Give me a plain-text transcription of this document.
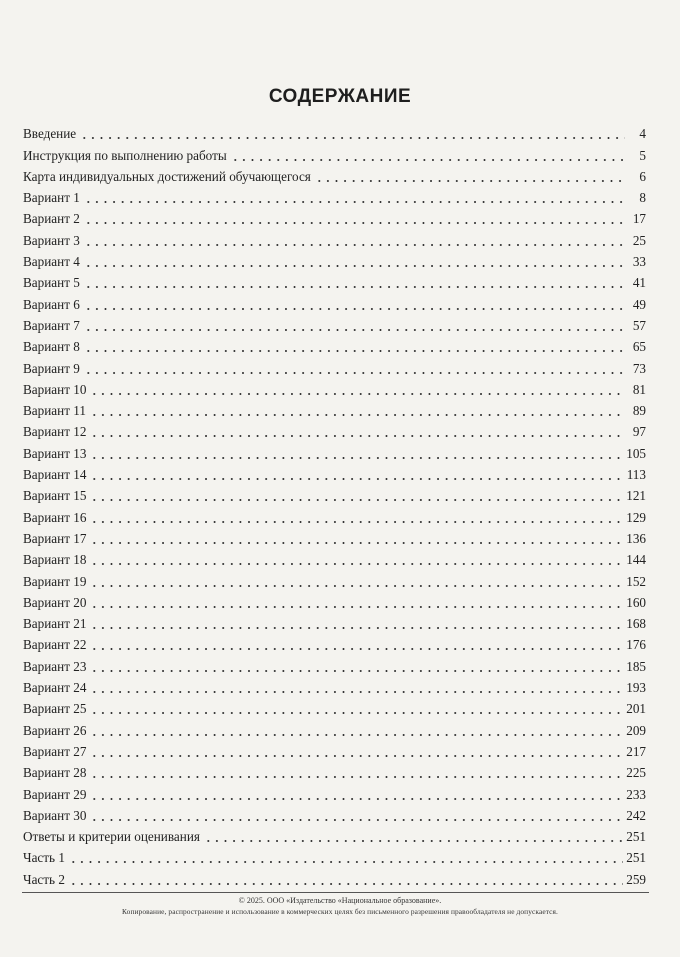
СОДЕРЖАНИЕ
Введение	4
Инструкция по выполнению работы	5
Карта индивидуальных достижений обучающегося	6
Вариант 1	8
Вариант 2	17
Вариант 3	25
Вариант 4	33
Вариант 5	41
Вариант 6	49
Вариант 7	57
Вариант 8	65
Вариант 9	73
Вариант 10	81
Вариант 11	89
Вариант 12	97
Вариант 13	105
Вариант 14	113
Вариант 15	121
Вариант 16	129
Вариант 17	136
Вариант 18	144
Вариант 19	152
Вариант 20	160
Вариант 21	168
Вариант 22	176
Вариант 23	185
Вариант 24	193
Вариант 25	201
Вариант 26	209
Вариант 27	217
Вариант 28	225
Вариант 29	233
Вариант 30	242
Ответы и критерии оценивания	251
Часть 1	251
Часть 2	259
© 2025. ООО «Издательство «Национальное образование».
Копирование, распространение и использование в коммерческих целях без письменного разрешения правообладателя не допускается.
